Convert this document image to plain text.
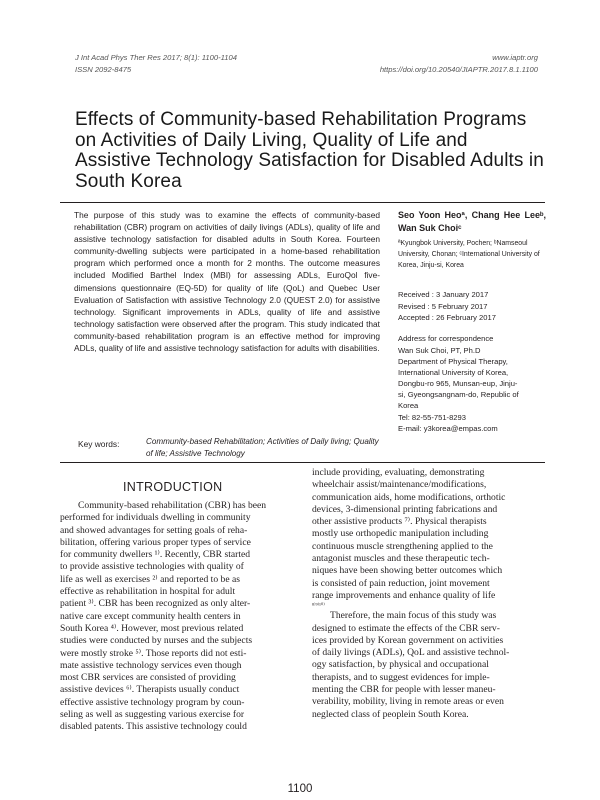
J Int Acad Phys Ther Res 2017; 8(1): 1100-1104
ISSN 2092-8475
www.iaptr.org
https://doi.org/10.20540/JIAPTR.2017.8.1.1100
Effects of Community-based Rehabilitation Programs on Activities of Daily Living, Quality of Life and Assistive Technology Satisfaction for Disabled Adults in South Korea
The purpose of this study was to examine the effects of community-based rehabilitation (CBR) program on activities of daily livings (ADLs), quality of life and assistive technology satisfaction for disabled adults in South Korea. Fourteen community-dwelling subjects were participated in a home-based rehabilitation program which performed once a month for 2 months. The outcome measures included Modified Barthel Index (MBI) for assessing ADLs, EuroQol five-dimensions questionnaire (EQ-5D) for quality of life (QoL) and Quebec User Evaluation of Satisfaction with assistive Technology 2.0 (QUEST 2.0) for assistive technology. Significant improvements in ADLs, quality of life and assistive technology satisfaction were observed after the program. This study indicated that community-based rehabilitation program is an effective method for improving ADLs, quality of life and assistive technology satisfaction for adults with disabilities.
Key words:	Community-based Rehabilitation; Activities of Daily living; Quality of life; Assistive Technology
Seo Yoon Heoª, Chang Hee Leeᵇ, Wan Suk Choiᶜ
ªKyungbok University, Pochen; ᵇNamseoul University, Chonan; ᶜInternational University of Korea, Jinju-si, Korea
Received : 3 January 2017
Revised : 5 February 2017
Accepted : 26 February 2017
Address for correspondence
Wan Suk Choi, PT, Ph.D
Department of Physical Therapy,
International University of Korea,
Dongbu-ro 965, Munsan-eup, Jinju-
si, Gyeongsangnam-do, Republic of
Korea
Tel: 82-55-751-8293
E-mail: y3korea@empas.com
INTRODUCTION
Community-based rehabilitation (CBR) has been
performed for individuals dwelling in community
and showed advantages for setting goals of reha-
bilitation, offering various proper types of service
for community dwellers ¹⁾. Recently, CBR started
to provide assistive technologies with quality of
life as well as exercises ²⁾ and reported to be as
effective as rehabilitation in hospital for adult
patient ³⁾. CBR has been recognized as only alter-
native care except community health centers in
South Korea ⁴⁾. However, most previous related
studies were conducted by nurses and the subjects
were mostly stroke ⁵⁾. Those reports did not esti-
mate assistive technology services even though
most CBR services are consisted of providing
assistive devices ⁶⁾. Therapists usually conduct
effective assistive technology program by coun-
seling as well as suggesting various exercise for
disabled patents. This assistive technology could
include providing, evaluating, demonstrating
wheelchair assist/maintenance/modifications,
communication aids, home modifications, orthotic
devices, 3-dimensional printing fabrications and
other assistive products ⁷⁾. Physical therapists
mostly use orthopedic manipulation including
continuous muscle strengthening applied to the
antagonist muscles and these therapeutic tech-
niques have been showing better outcomes which
is consisted of pain reduction, joint movement
range improvements and enhance quality of life
⁸⁾⁹⁾¹⁰⁾
Therefore, the main focus of this study was
designed to estimate the effects of the CBR serv-
ices provided by Korean government on activities
of daily livings (ADLs), QoL and assistive technol-
ogy satisfaction, by physical and occupational
therapists, and to suggest evidences for imple-
menting the CBR for people with lesser maneu-
verability, mobility, living in remote areas or even
neglected class of peoplein South Korea.
1100
